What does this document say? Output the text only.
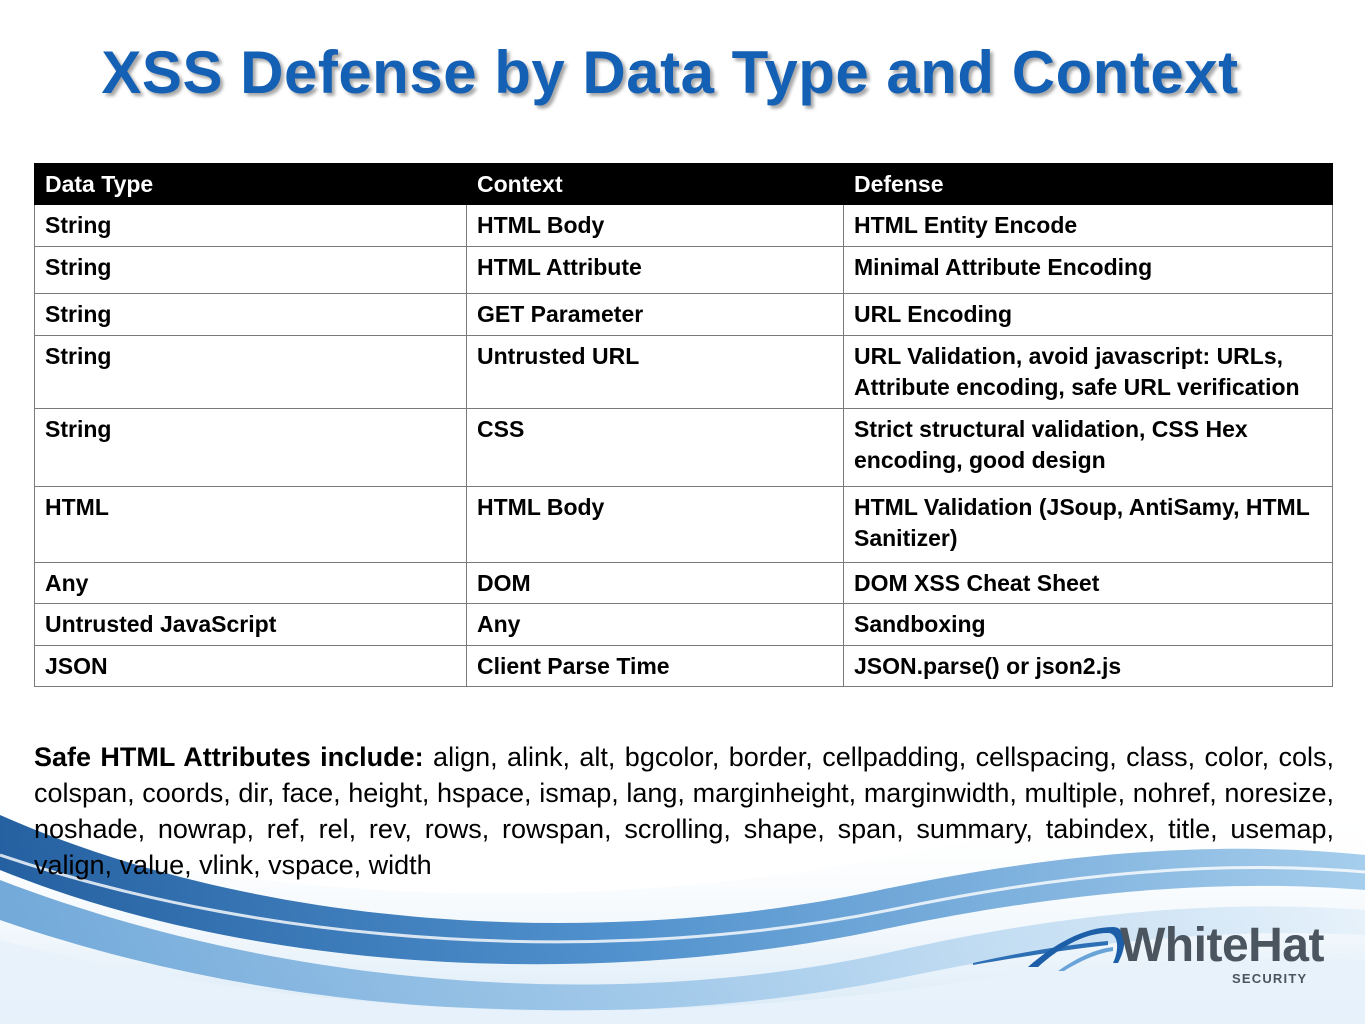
XSS Defense by Data Type and Context
Data Type	Context	Defense
String	HTML Body	HTML Entity Encode
String	HTML Attribute	Minimal Attribute Encoding
String	GET Parameter	URL Encoding
String	Untrusted URL	URL Validation, avoid javascript: URLs, Attribute encoding, safe URL verification
String	CSS	Strict structural validation, CSS Hex encoding, good design
HTML	HTML Body	HTML Validation (JSoup, AntiSamy, HTML Sanitizer)
Any	DOM	DOM XSS Cheat Sheet
Untrusted JavaScript	Any	Sandboxing
JSON	Client Parse Time	JSON.parse() or json2.js

Safe HTML Attributes include: align, alink, alt, bgcolor, border, cellpadding, cellspacing, class, color, cols, colspan, coords, dir, face, height, hspace, ismap, lang, marginheight, marginwidth, multiple, nohref, noresize, noshade, nowrap, ref, rel, rev, rows, rowspan, scrolling, shape, span, summary, tabindex, title, usemap, valign, value, vlink, vspace, width

WhiteHat
SECURITY
